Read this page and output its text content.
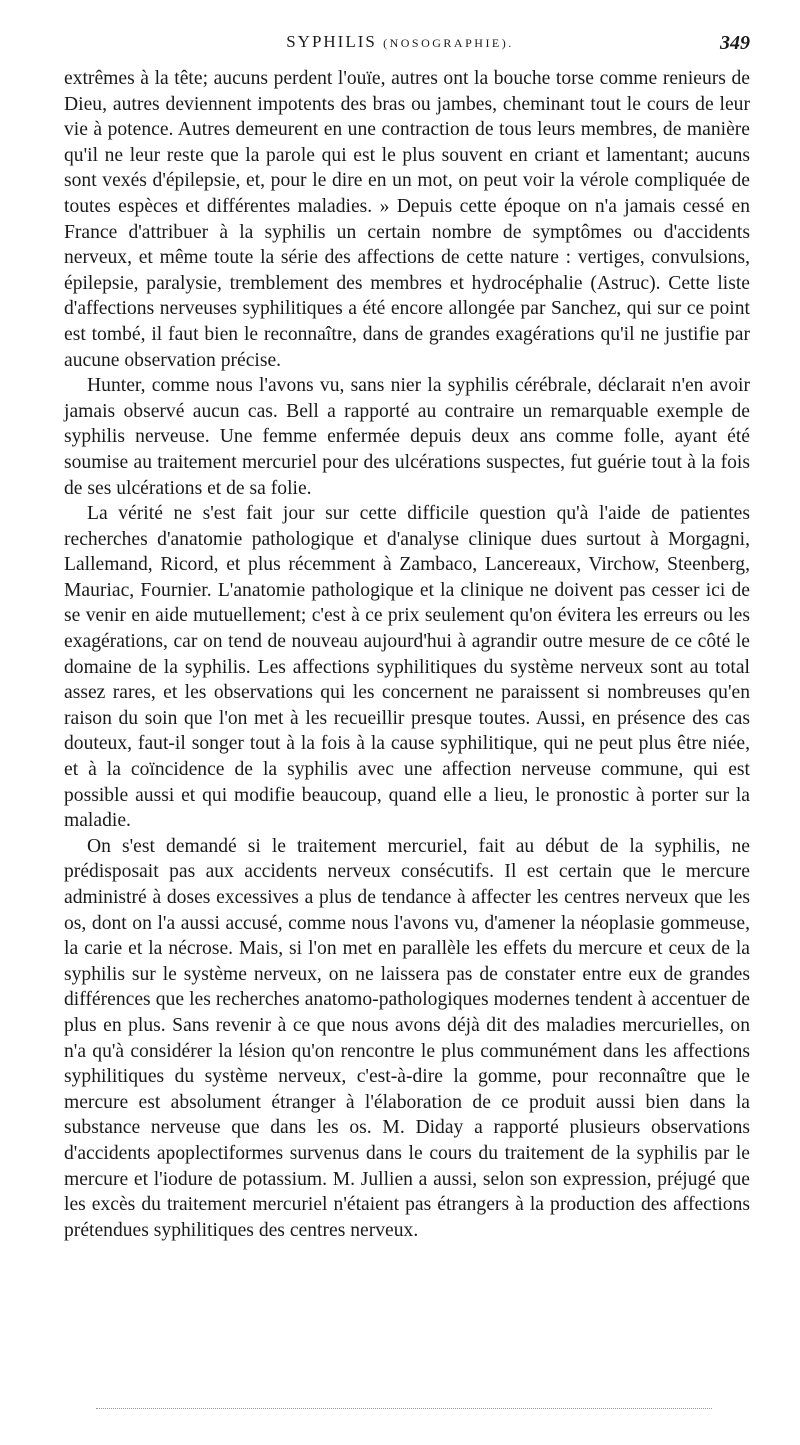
SYPHILIS (NOSOGRAPHIE).	349

extrêmes à la tête; aucuns perdent l'ouïe, autres ont la bouche torse comme renieurs de Dieu, autres deviennent impotents des bras ou jambes, cheminant tout le cours de leur vie à potence. Autres demeurent en une contraction de tous leurs membres, de manière qu'il ne leur reste que la parole qui est le plus souvent en criant et lamentant; aucuns sont vexés d'épilepsie, et, pour le dire en un mot, on peut voir la vérole compliquée de toutes espèces et différentes maladies. » Depuis cette époque on n'a jamais cessé en France d'attribuer à la syphilis un certain nombre de symptômes ou d'accidents nerveux, et même toute la série des affections de cette nature : vertiges, convulsions, épilepsie, paralysie, tremblement des membres et hydrocéphalie (Astruc). Cette liste d'affections nerveuses syphilitiques a été encore allongée par Sanchez, qui sur ce point est tombé, il faut bien le reconnaître, dans de grandes exagérations qu'il ne justifie par aucune observation précise.

Hunter, comme nous l'avons vu, sans nier la syphilis cérébrale, déclarait n'en avoir jamais observé aucun cas. Bell a rapporté au contraire un remarquable exemple de syphilis nerveuse. Une femme enfermée depuis deux ans comme folle, ayant été soumise au traitement mercuriel pour des ulcérations suspectes, fut guérie tout à la fois de ses ulcérations et de sa folie.

La vérité ne s'est fait jour sur cette difficile question qu'à l'aide de patientes recherches d'anatomie pathologique et d'analyse clinique dues surtout à Morgagni, Lallemand, Ricord, et plus récemment à Zambaco, Lancereaux, Virchow, Steenberg, Mauriac, Fournier. L'anatomie pathologique et la clinique ne doivent pas cesser ici de se venir en aide mutuellement; c'est à ce prix seulement qu'on évitera les erreurs ou les exagérations, car on tend de nouveau aujourd'hui à agrandir outre mesure de ce côté le domaine de la syphilis. Les affections syphilitiques du système nerveux sont au total assez rares, et les observations qui les concernent ne paraissent si nombreuses qu'en raison du soin que l'on met à les recueillir presque toutes. Aussi, en présence des cas douteux, faut-il songer tout à la fois à la cause syphilitique, qui ne peut plus être niée, et à la coïncidence de la syphilis avec une affection nerveuse commune, qui est possible aussi et qui modifie beaucoup, quand elle a lieu, le pronostic à porter sur la maladie.

On s'est demandé si le traitement mercuriel, fait au début de la syphilis, ne prédisposait pas aux accidents nerveux consécutifs. Il est certain que le mercure administré à doses excessives a plus de tendance à affecter les centres nerveux que les os, dont on l'a aussi accusé, comme nous l'avons vu, d'amener la néoplasie gommeuse, la carie et la nécrose. Mais, si l'on met en parallèle les effets du mercure et ceux de la syphilis sur le système nerveux, on ne laissera pas de constater entre eux de grandes différences que les recherches anatomo-pathologiques modernes tendent à accentuer de plus en plus. Sans revenir à ce que nous avons déjà dit des maladies mercurielles, on n'a qu'à considérer la lésion qu'on rencontre le plus communément dans les affections syphilitiques du système nerveux, c'est-à-dire la gomme, pour reconnaître que le mercure est absolument étranger à l'élaboration de ce produit aussi bien dans la substance nerveuse que dans les os. M. Diday a rapporté plusieurs observations d'accidents apoplectiformes survenus dans le cours du traitement de la syphilis par le mercure et l'iodure de potassium. M. Jullien a aussi, selon son expression, préjugé que les excès du traitement mercuriel n'étaient pas étrangers à la production des affections prétendues syphilitiques des centres nerveux.
